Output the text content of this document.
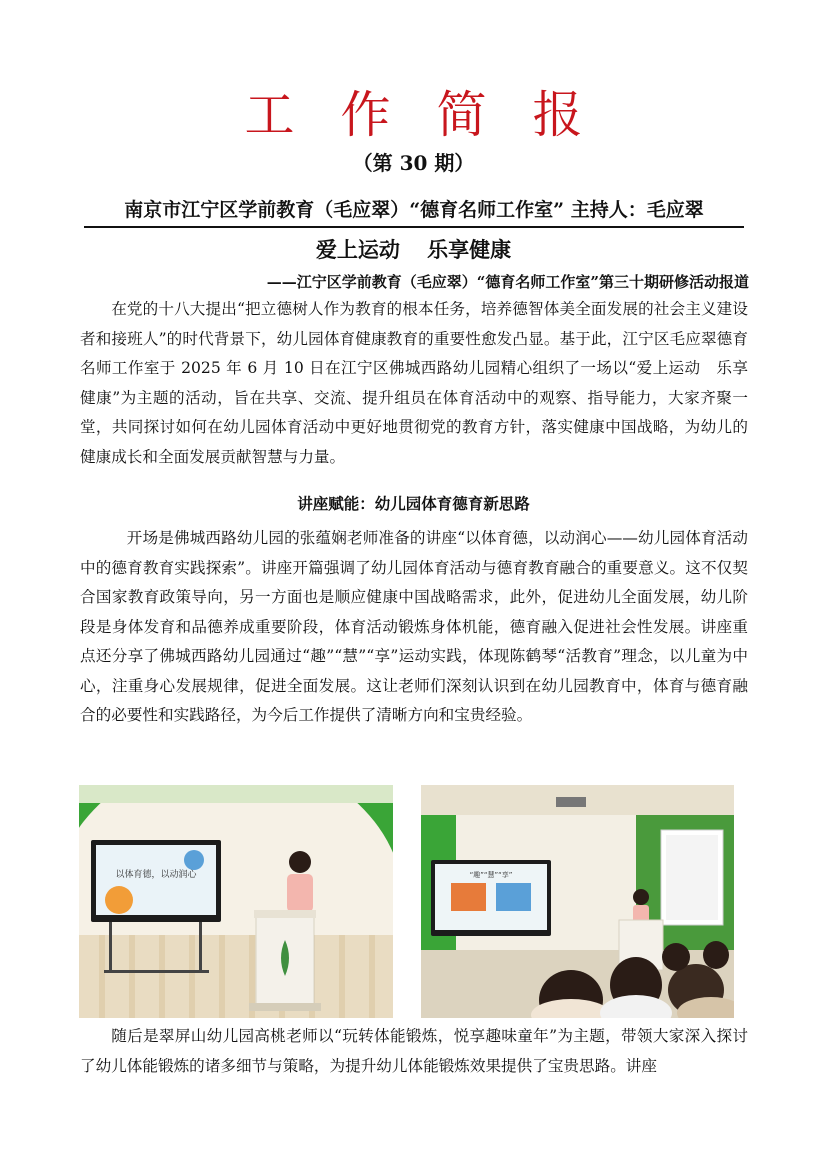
工作简报
（第 30 期）
南京市江宁区学前教育（毛应翠）“德育名师工作室” 主持人：毛应翠
爱上运动 乐享健康
——江宁区学前教育（毛应翠）“德育名师工作室”第三十期研修活动报道

在党的十八大提出“把立德树人作为教育的根本任务，培养德智体美全面发展的社会主义建设者和接班人”的时代背景下，幼儿园体育健康教育的重要性愈发凸显。基于此，江宁区毛应翠德育名师工作室于 2025 年 6 月 10 日在江宁区佛城西路幼儿园精心组织了一场以“爱上运动　乐享健康”为主题的活动，旨在共享、交流、提升组员在体育活动中的观察、指导能力，大家齐聚一堂，共同探讨如何在幼儿园体育活动中更好地贯彻党的教育方针，落实健康中国战略，为幼儿的健康成长和全面发展贡献智慧与力量。

讲座赋能：幼儿园体育德育新思路

开场是佛城西路幼儿园的张蕴娴老师准备的讲座“以体育德，以动润心——幼儿园体育活动中的德育教育实践探索”。讲座开篇强调了幼儿园体育活动与德育教育融合的重要意义。这不仅契合国家教育政策导向，另一方面也是顺应健康中国战略需求，此外，促进幼儿全面发展，幼儿阶段是身体发育和品德养成重要阶段，体育活动锻炼身体机能，德育融入促进社会性发展。讲座重点还分享了佛城西路幼儿园通过“趣”“慧”“享”运动实践，体现陈鹤琴“活教育”理念，以儿童为中心，注重身心发展规律，促进全面发展。这让老师们深刻认识到在幼儿园教育中，体育与德育融合的必要性和实践路径，为今后工作提供了清晰方向和宝贵经验。

以体育德，以动润心	“趣”“慧”“享”

随后是翠屏山幼儿园高桃老师以“玩转体能锻炼，悦享趣味童年”为主题，带领大家深入探讨了幼儿体能锻炼的诸多细节与策略，为提升幼儿体能锻炼效果提供了宝贵思路。讲座
